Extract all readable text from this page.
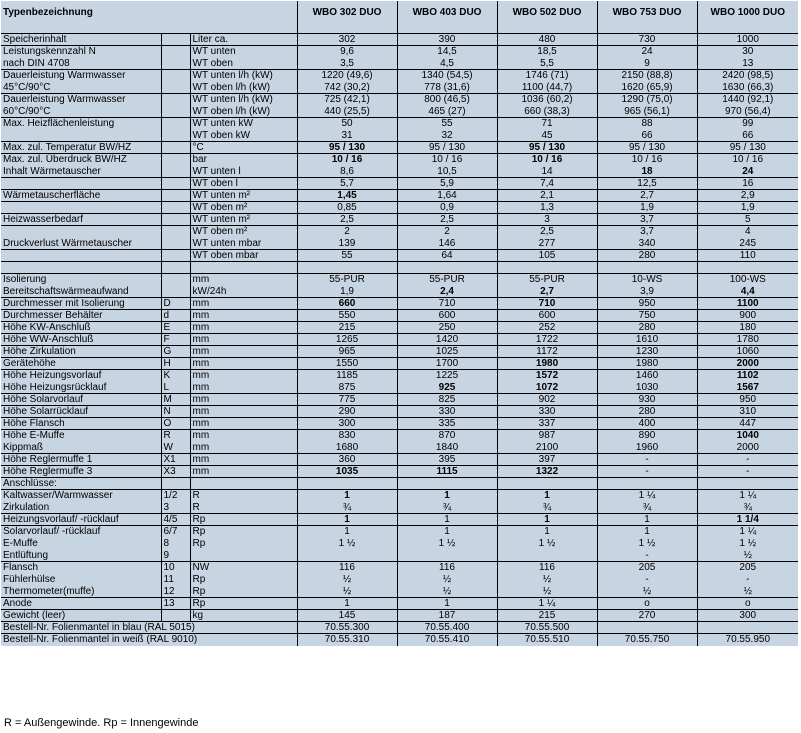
Typenbezeichnung			WBO 302 DUO	WBO 403 DUO	WBO 502 DUO	WBO 753 DUO	WBO 1000 DUO
Speicherinhalt		Liter ca.	302	390	480	730	1000
Leistungskennzahl N		WT unten	9,6	14,5	18,5	24	30
nach DIN 4708		WT oben	3,5	4,5	5,5	9	13
Dauerleistung Warmwasser		WT unten l/h (kW)	1220 (49,6)	1340 (54,5)	1746 (71)	2150 (88,8)	2420 (98,5)
45°C/90°C		WT oben l/h (kW)	742 (30,2)	778 (31,6)	1100 (44,7)	1620 (65,9)	1630 (66,3)
Dauerleistung Warmwasser		WT unten l/h (kW)	725 (42,1)	800 (46,5)	1036 (60,2)	1290 (75,0)	1440 (92,1)
60°C/90°C		WT oben l/h (kW)	440 (25,5)	465 (27)	660 (38,3)	965 (56,1)	970 (56,4)
Max. Heizflächenleistung		WT unten kW	50	55	71	88	99
		WT oben kW	31	32	45	66	66
Max. zul. Temperatur BW/HZ		°C	95 / 130	95 / 130	95 / 130	95 / 130	95 / 130
Max. zul. Überdruck BW/HZ		bar	10 / 16	10 / 16	10 / 16	10 / 16	10 / 16
Inhalt Wärmetauscher		WT unten l	8,6	10,5	14	18	24
		WT oben l	5,7	5,9	7,4	12,5	16
Wärmetauscherfläche		WT unten m²	1,45	1,64	2,1	2,7	2,9
		WT oben m²	0,85	0,9	1,3	1,9	1,9
Heizwasserbedarf		WT unten m²	2,5	2,5	3	3,7	5
		WT oben m²	2	2	2,5	3,7	4
Druckverlust Wärmetauscher		WT unten mbar	139	146	277	340	245
		WT oben mbar	55	64	105	280	110

Isolierung		mm	55-PUR	55-PUR	55-PUR	10-WS	100-WS
Bereitschaftswärmeaufwand		kW/24h	1,9	2,4	2,7	3,9	4,4
Durchmesser mit Isolierung	D	mm	660	710	710	950	1100
Durchmesser Behälter	d	mm	550	600	600	750	900
Höhe KW-Anschluß	E	mm	215	250	252	280	180
Höhe WW-Anschluß	F	mm	1265	1420	1722	1610	1780
Höhe Zirkulation	G	mm	965	1025	1172	1230	1060
Gerätehöhe	H	mm	1550	1700	1980	1980	2000
Höhe Heizungsvorlauf	K	mm	1185	1225	1572	1460	1102
Höhe Heizungsrücklauf	L	mm	875	925	1072	1030	1567
Höhe Solarvorlauf	M	mm	775	825	902	930	950
Höhe Solarrücklauf	N	mm	290	330	330	280	310
Höhe Flansch	O	mm	300	335	337	400	447
Höhe E-Muffe	R	mm	830	870	987	890	1040
Kippmaß	W	mm	1680	1840	2100	1960	2000
Höhe Reglermuffe 1	X1	mm	360	395	397	-	-
Höhe Reglermuffe 3	X3	mm	1035	1115	1322	-	-
Anschlüsse:							
Kaltwasser/Warmwasser	1/2	R	1	1	1	1 ¼	1 ¼
Zirkulation	3	R	¾	¾	¾	¾	¾
Heizungsvorlauf/ -rücklauf	4/5	Rp	1	1	1	1	1 1/4
Solarvorlauf/ -rücklauf	6/7	Rp	1	1	1	1	1 ¼
E-Muffe	8	Rp	1 ½	1 ½	1 ½	1 ½	1 ½
Entlüftung	9					-	½
Flansch	10	NW	116	116	116	205	205
Fühlerhülse	11	Rp	½	½	½	-	-
Thermometer(muffe)	12	Rp	½	½	½	½	½
Anode	13	Rp	1	1	1 ¼	o	o
Gewicht (leer)		kg	145	187	215	270	300
Bestell-Nr. Folienmantel in blau (RAL 5015)			70.55.300	70.55.400	70.55.500		
Bestell-Nr. Folienmantel in weiß (RAL 9010)			70.55.310	70.55.410	70.55.510	70.55.750	70.55.950
R = Außengewinde. Rp = Innengewinde
